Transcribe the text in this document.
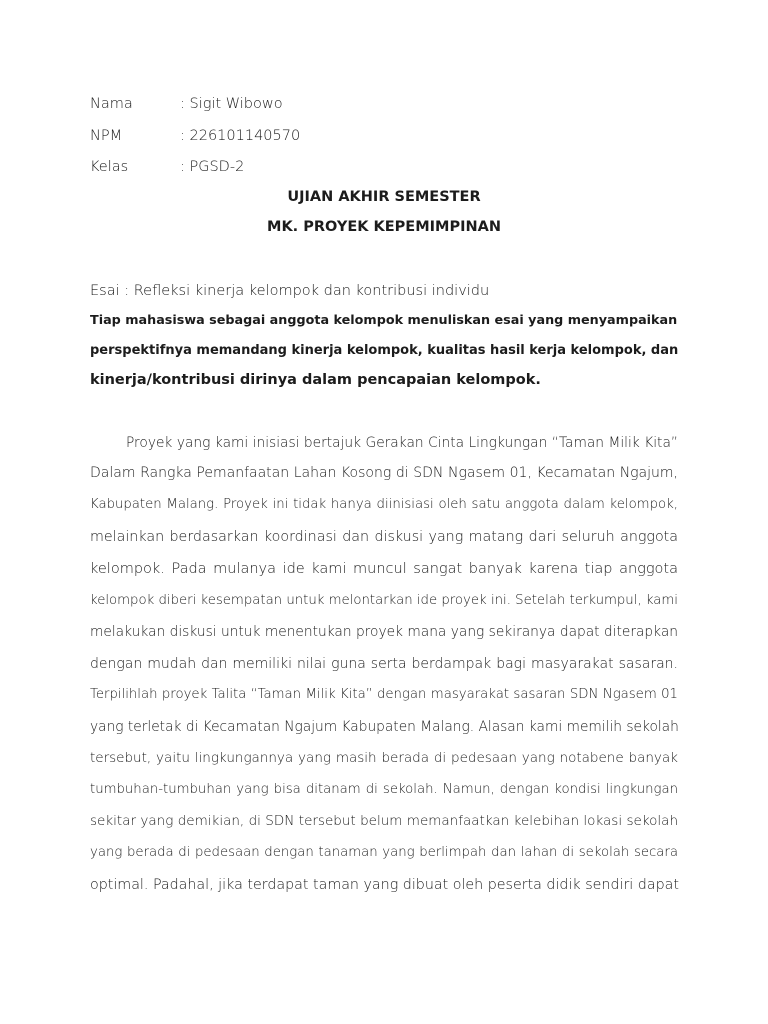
Nama	: Sigit Wibowo
NPM	: 226101140570
Kelas	: PGSD-2
UJIAN AKHIR SEMESTER
MK. PROYEK KEPEMIMPINAN
Esai : Refleksi kinerja kelompok dan kontribusi individu
Tiap mahasiswa sebagai anggota kelompok menuliskan esai yang menyampaikan
perspektifnya memandang kinerja kelompok, kualitas hasil kerja kelompok, dan
kinerja/kontribusi dirinya dalam pencapaian kelompok.
Proyek yang kami inisiasi bertajuk Gerakan Cinta Lingkungan “Taman Milik Kita”
Dalam Rangka Pemanfaatan Lahan Kosong di SDN Ngasem 01, Kecamatan Ngajum,
Kabupaten Malang. Proyek ini tidak hanya diinisiasi oleh satu anggota dalam kelompok,
melainkan berdasarkan koordinasi dan diskusi yang matang dari seluruh anggota
kelompok. Pada mulanya ide kami muncul sangat banyak karena tiap anggota
kelompok diberi kesempatan untuk melontarkan ide proyek ini. Setelah terkumpul, kami
melakukan diskusi untuk menentukan proyek mana yang sekiranya dapat diterapkan
dengan mudah dan memiliki nilai guna serta berdampak bagi masyarakat sasaran.
Terpilihlah proyek Talita “Taman Milik Kita” dengan masyarakat sasaran SDN Ngasem 01
yang terletak di Kecamatan Ngajum Kabupaten Malang. Alasan kami memilih sekolah
tersebut, yaitu lingkungannya yang masih berada di pedesaan yang notabene banyak
tumbuhan-tumbuhan yang bisa ditanam di sekolah. Namun, dengan kondisi lingkungan
sekitar yang demikian, di SDN tersebut belum memanfaatkan kelebihan lokasi sekolah
yang berada di pedesaan dengan tanaman yang berlimpah dan lahan di sekolah secara
optimal. Padahal, jika terdapat taman yang dibuat oleh peserta didik sendiri dapat
